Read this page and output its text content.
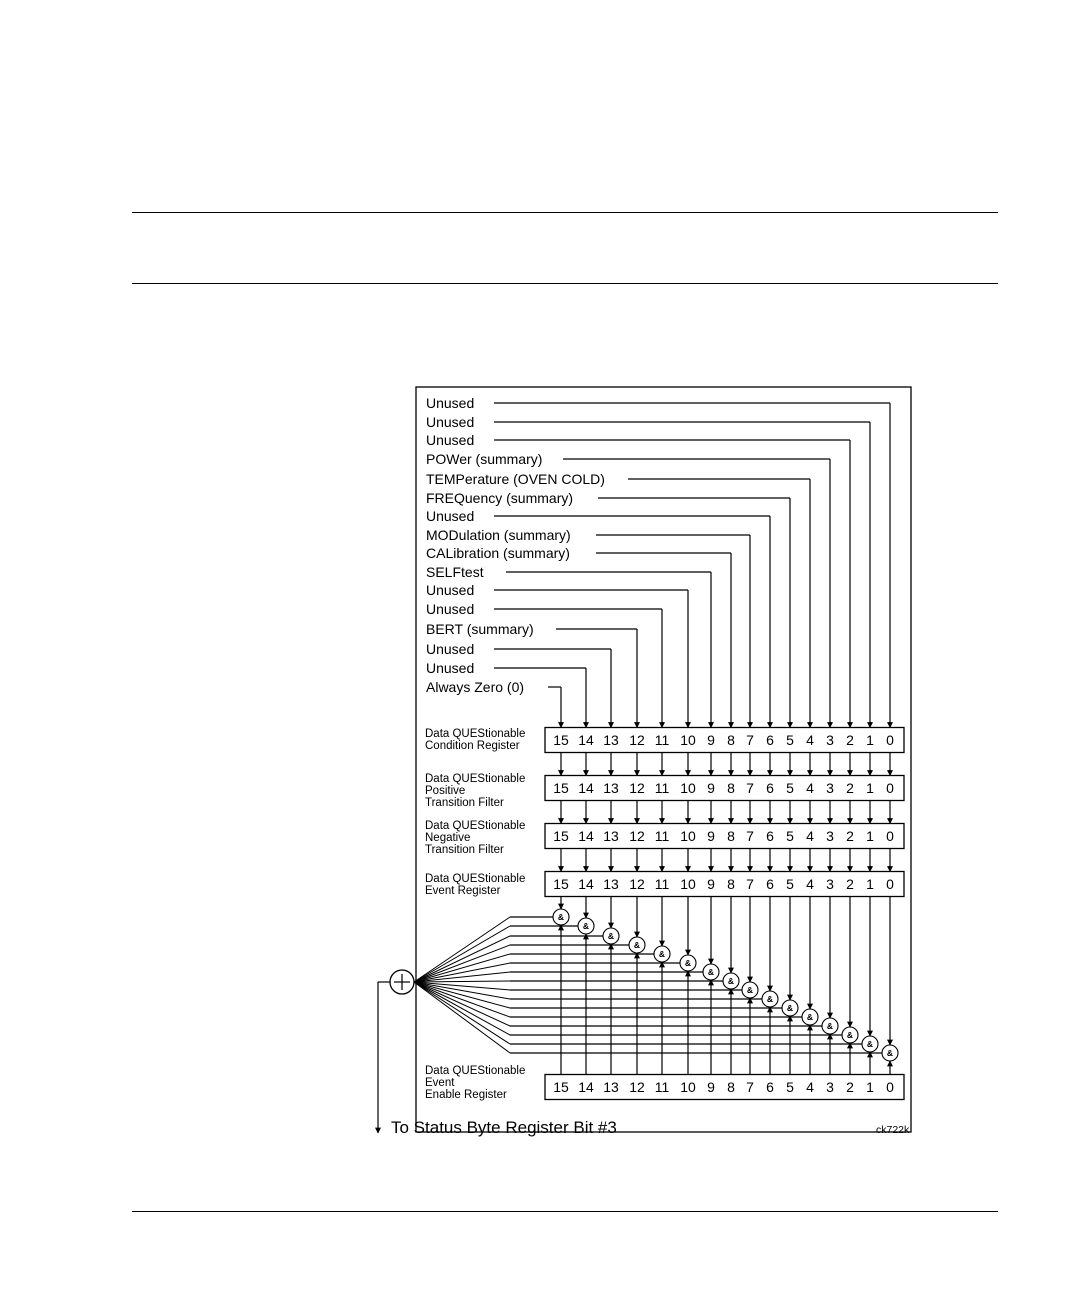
Unused
Unused
Unused
POWer (summary)
TEMPerature (OVEN COLD)
FREQuency (summary)
Unused
MODulation (summary)
CALibration (summary)
SELFtest
Unused
Unused
BERT (summary)
Unused
Unused
Always Zero (0)
Data QUEStionable
Condition Register 15 14 13 12 11 10 9 8 7 6 5 4 3 2 1 0
Data QUEStionable
Positive
Transition Filter
15 14 13 12 11 10 9 8 7 6 5 4 3 2 1 0
Data QUEStionable
Negative
Transition Filter
15 14 13 12 11 10 9 8 7 6 5 4 3 2 1 0
Data QUEStionable
Event Register	15 14 13 12 11 10 9 8 7 6 5 4 3 2 1 0
Data QUEStionable
Event
Enable Register	15 14 13 12 11 10 9 8 7 6 5 4 3 2 1 0
&
&
&
&
&
&
&
&
&
&
&
&
&
&
&
&
To Status Byte Register Bit #3	ck722k
